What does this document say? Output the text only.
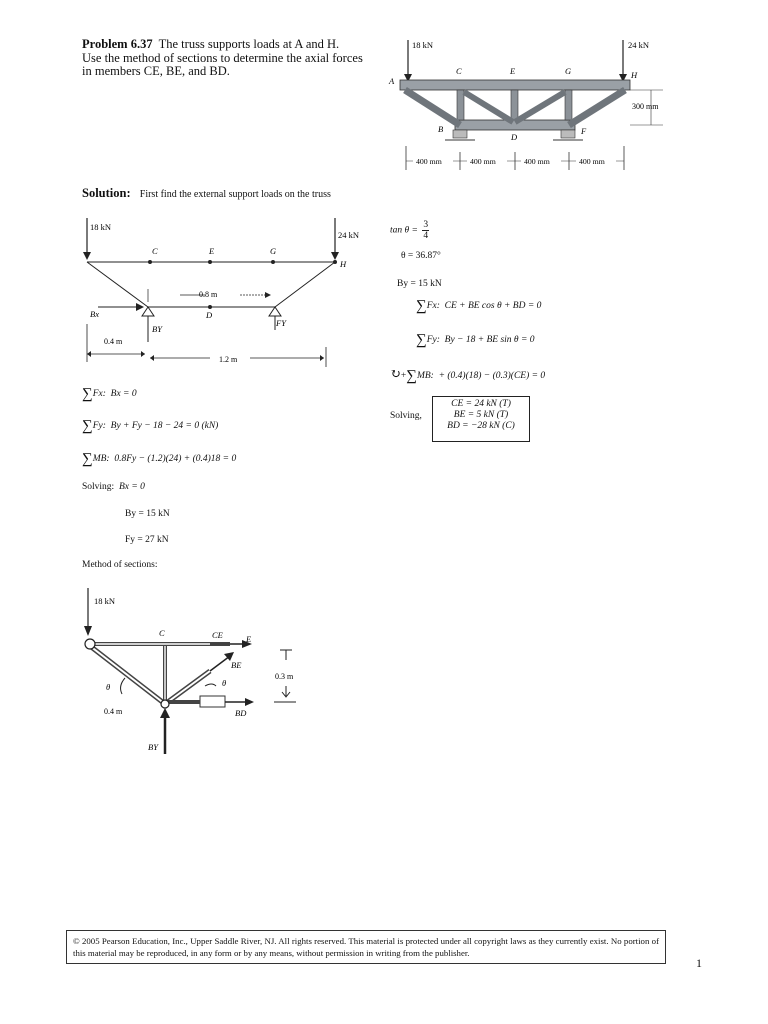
Problem 6.37 The truss supports loads at A and H.
Use the method of sections to determine the axial forces
in members CE, BE, and BD.
18 kN	24 kN
A
C	E	G	H
B
D
F
300 mm
400 mm	400 mm	400 mm	400 mm
Solution: First find the external support loads on the truss
18 kN
24 kN
C	E	G
H
D
0.8 m
Bx
BY
FY
0.4 m
1.2 m
∑Fx: Bx = 0
∑Fy: By + Fy − 18 − 24 = 0 (kN)
∑MB: 0.8Fy − (1.2)(24) + (0.4)18 = 0
Solving: Bx = 0
By = 15 kN
Fy = 27 kN
Method of sections:
18 kN
C	CE	E
BE
θ	θ
0.4 m	BD
BY
0.3 m
$\tan \theta = \frac{3}{4}$
θ = 36.87°
By = 15 kN
∑Fx: CE + BE cos θ + BD = 0
∑Fy: By − 18 + BE sin θ = 0
↻+∑MB: + (0.4)(18) − (0.3)(CE) = 0
Solving,
CE = 24 kN (T)
BE = 5 kN (T)
BD = −28 kN (C)
© 2005 Pearson Education, Inc., Upper Saddle River, NJ. All rights reserved. This material is protected under all copyright laws as they currently exist. No portion of this material may be reproduced, in any form or by any means, without permission in writing from the publisher.
1
